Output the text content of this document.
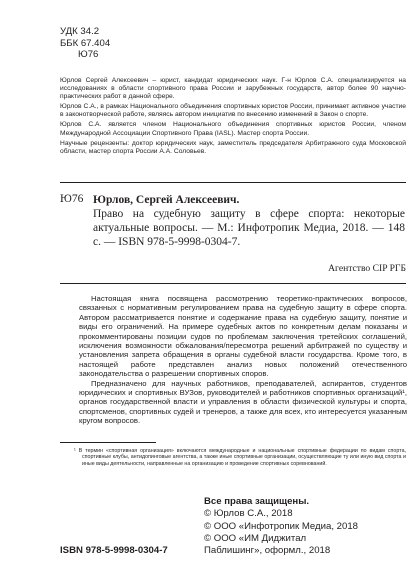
УДК 34.2
ББК 67.404
Ю76

Юрлов Сергей Алексеевич – юрист, кандидат юридических наук. Г-н Юрлов С.А. специализируется на исследованиях в области спортивного права России и зарубежных государств, автор более 90 научно-практических работ в данной сфере.

Юрлов С.А., в рамках Национального объединения спортивных юристов России, принимает активное участие в законотворческой работе, являясь автором инициатив по внесению изменений в Закон о спорте.

Юрлов С.А. является членом Национального объединения спортивных юристов России, членом Международной Ассоциации Спортивного Права (IASL). Мастер спорта России.

Научные рецензенты: доктор юридических наук, заместитель председателя Арбитражного суда Московской области, мастер спорта России А.А. Соловьев.

Ю76 Юрлов, Сергей Алексеевич.
Право на судебную защиту в сфере спорта: некоторые актуальные вопросы. — М.: Инфотропик Медиа, 2018. — 148 с. — ISBN 978-5-9998-0304-7.
Агентство CIP РГБ

Настоящая книга посвящена рассмотрению теоретико-практических вопросов, связанных с нормативным регулированием права на судебную защиту в сфере спорта. Автором рассматривается понятие и содержание права на судебную защиту, понятие и виды его ограничений. На примере судебных актов по конкретным делам показаны и прокомментированы позиции судов по проблемам заключения третейских соглашений, исключения возможности обжалования/пересмотра решений арбитражей по существу и установления запрета обращения в органы судебной власти государства. Кроме того, в настоящей работе представлен анализ новых положений отечественного законодательства о разрешении спортивных споров.

Предназначено для научных работников, преподавателей, аспирантов, студентов юридических и спортивных ВУЗов, руководителей и работников спортивных организаций¹, органов государственной власти и управления в области физической культуры и спорта, спортсменов, спортивных судей и тренеров, а также для всех, кто интересуется указанным кругом вопросов.

¹ В термин «спортивная организация» включаются международные и национальные спортивные федерации по видам спорта, спортивные клубы, антидопинговые агентства, а также иные спортивные организации, осуществляющие ту или иную вид спорта и иные виды деятельности, направленные на организацию и проведение спортивных соревнований.

Все права защищены.
© Юрлов С.А., 2018
© ООО «Инфотропик Медиа, 2018
© ООО «ИМ Диджитал
Паблишинг», оформл., 2018
ISBN 978-5-9998-0304-7
